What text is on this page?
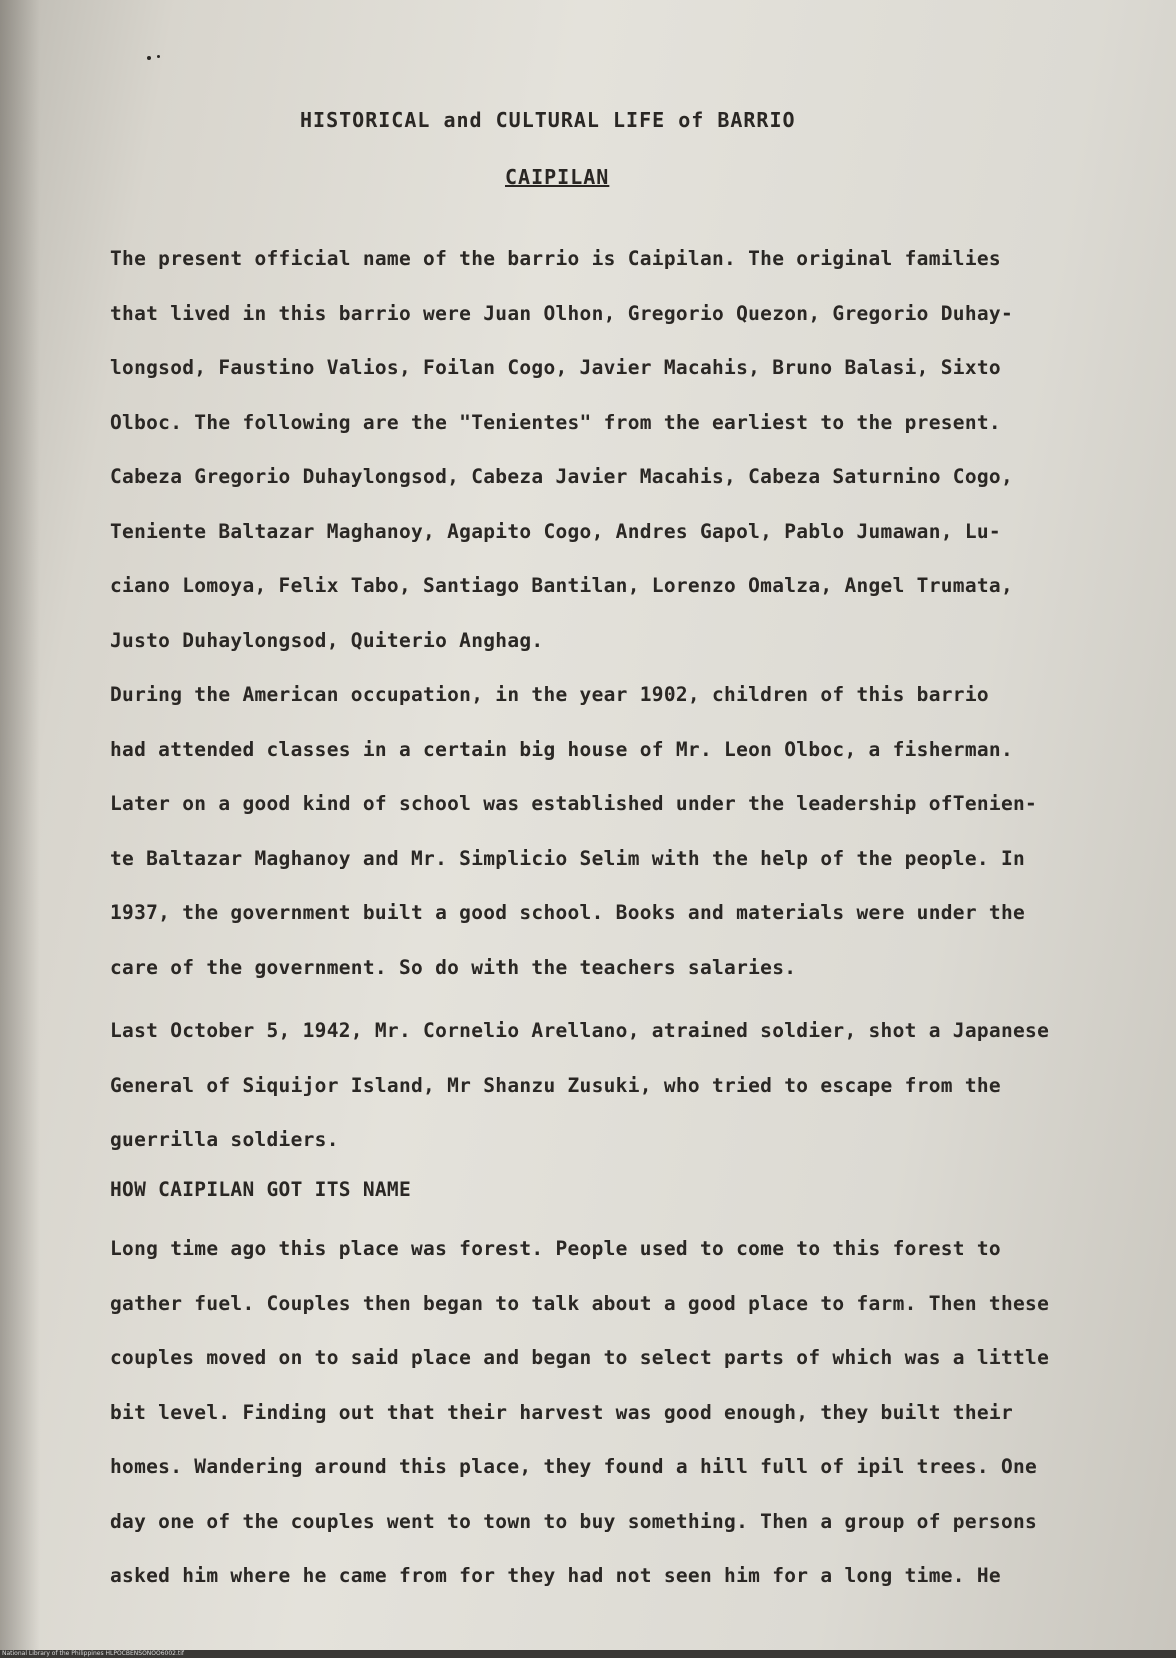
HISTORICAL and CULTURAL LIFE of BARRIO
CAIPILAN
The present official name of the barrio is Caipilan. The original families
that lived in this barrio were Juan Olhon, Gregorio Quezon, Gregorio Duhay-
longsod, Faustino Valios, Foilan Cogo, Javier Macahis, Bruno Balasi, Sixto
Olboc. The following are the "Tenientes" from the earliest to the present.
Cabeza Gregorio Duhaylongsod, Cabeza Javier Macahis, Cabeza Saturnino Cogo,
Teniente Baltazar Maghanoy, Agapito Cogo, Andres Gapol, Pablo Jumawan, Lu-
ciano Lomoya, Felix Tabo, Santiago Bantilan, Lorenzo Omalza, Angel Trumata,
Justo Duhaylongsod, Quiterio Anghag.
During the American occupation, in the year 1902, children of this barrio
had attended classes in a certain big house of Mr. Leon Olboc, a fisherman.
Later on a good kind of school was established under the leadership ofTenien-
te Baltazar Maghanoy and Mr. Simplicio Selim with the help of the people. In
1937, the government built a good school. Books and materials were under the
care of the government. So do with the teachers salaries.
Last October 5, 1942, Mr. Cornelio Arellano, atrained soldier, shot a Japanese
General of Siquijor Island, Mr Shanzu Zusuki, who tried to escape from the
guerrilla soldiers.
HOW CAIPILAN GOT ITS NAME
Long time ago this place was forest. People used to come to this forest to
gather fuel. Couples then began to talk about a good place to farm. Then these
couples moved on to said place and began to select parts of which was a little
bit level. Finding out that their harvest was good enough, they built their
homes. Wandering around this place, they found a hill full of ipil trees. One
day one of the couples went to town to buy something. Then a group of persons
asked him where he came from for they had not seen him for a long time. He
National Library of the Philippines HLPOCBENSONOO6002.tif
